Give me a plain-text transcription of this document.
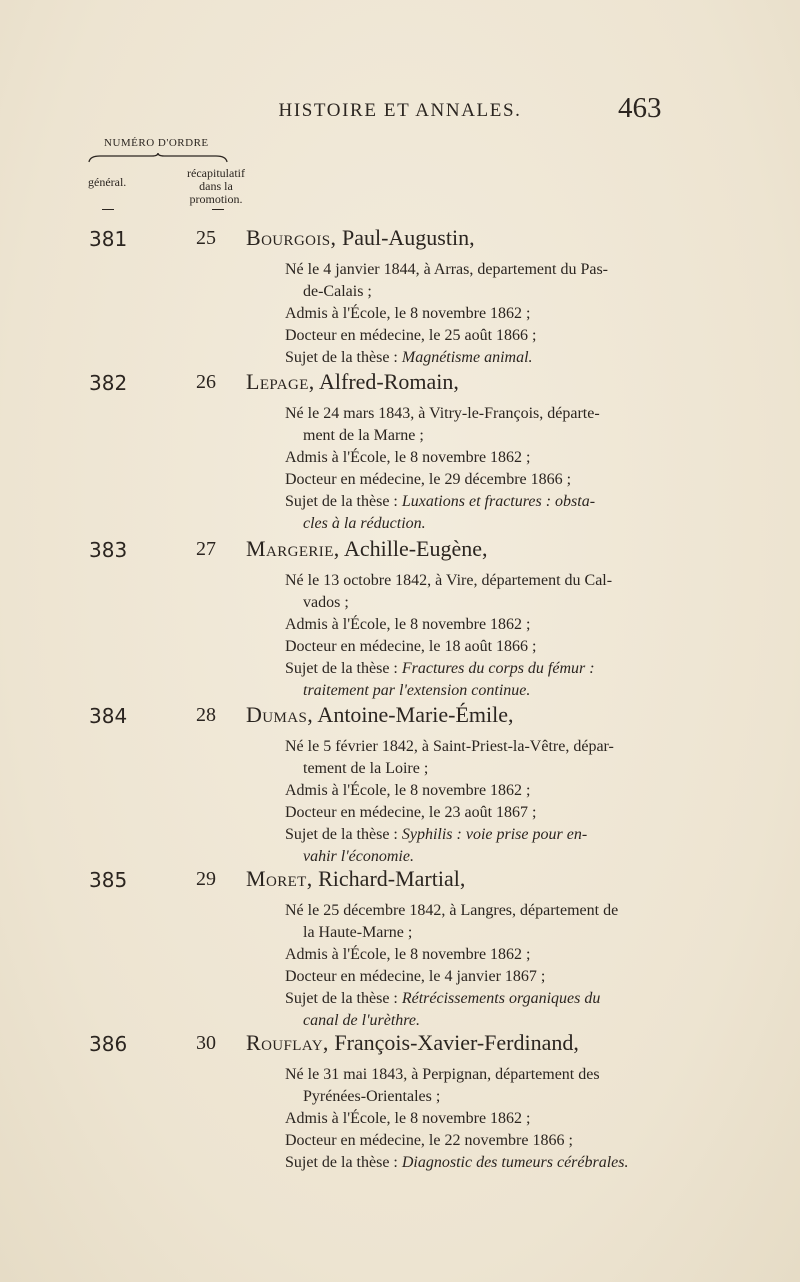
HISTOIRE ET ANNALES.	463
NUMÉRO D'ORDRE
général.
récapitulatif
dans la
promotion.
381	25 Bourgois, Paul-Augustin,
Né le 4 janvier 1844, à Arras, departement du Pas-
de-Calais ;
Admis à l'École, le 8 novembre 1862 ;
Docteur en médecine, le 25 août 1866 ;
Sujet de la thèse : Magnétisme animal.
382	26 Lepage, Alfred-Romain,
Né le 24 mars 1843, à Vitry-le-François, départe-
ment de la Marne ;
Admis à l'École, le 8 novembre 1862 ;
Docteur en médecine, le 29 décembre 1866 ;
Sujet de la thèse : Luxations et fractures : obsta-
cles à la réduction.
383	27 Margerie, Achille-Eugène,
Né le 13 octobre 1842, à Vire, département du Cal-
vados ;
Admis à l'École, le 8 novembre 1862 ;
Docteur en médecine, le 18 août 1866 ;
Sujet de la thèse : Fractures du corps du fémur :
traitement par l'extension continue.
384	28 Dumas, Antoine-Marie-Émile,
Né le 5 février 1842, à Saint-Priest-la-Vêtre, dépar-
tement de la Loire ;
Admis à l'École, le 8 novembre 1862 ;
Docteur en médecine, le 23 août 1867 ;
Sujet de la thèse : Syphilis : voie prise pour en-
vahir l'économie.
385	29 Moret, Richard-Martial,
Né le 25 décembre 1842, à Langres, département de
la Haute-Marne ;
Admis à l'École, le 8 novembre 1862 ;
Docteur en médecine, le 4 janvier 1867 ;
Sujet de la thèse : Rétrécissements organiques du
canal de l'urèthre.
386	30 Rouflay, François-Xavier-Ferdinand,
Né le 31 mai 1843, à Perpignan, département des
Pyrénées-Orientales ;
Admis à l'École, le 8 novembre 1862 ;
Docteur en médecine, le 22 novembre 1866 ;
Sujet de la thèse : Diagnostic des tumeurs cérébrales.
